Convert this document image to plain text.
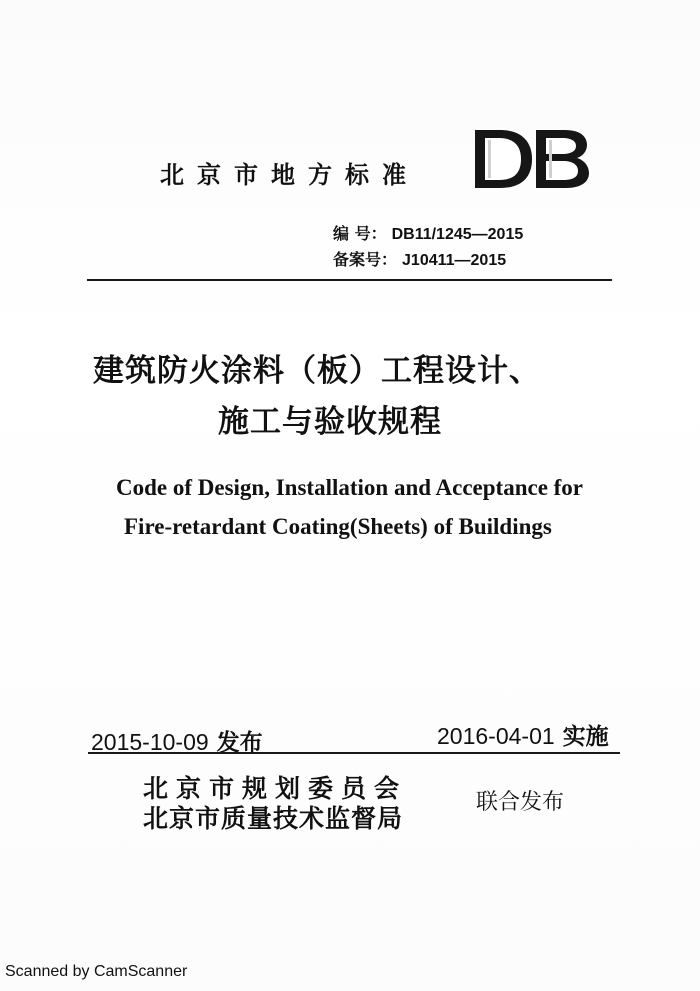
北京市地方标准
编 号： DB11/1245—2015
备案号： J10411—2015
建筑防火涂料（板）工程设计、
施工与验收规程
Code of Design, Installation and Acceptance for
Fire-retardant Coating(Sheets) of Buildings
2015-10-09 发布	2016-04-01 实施
北京市规划委员会
北京市质量技术监督局
联合发布
Scanned by CamScanner
